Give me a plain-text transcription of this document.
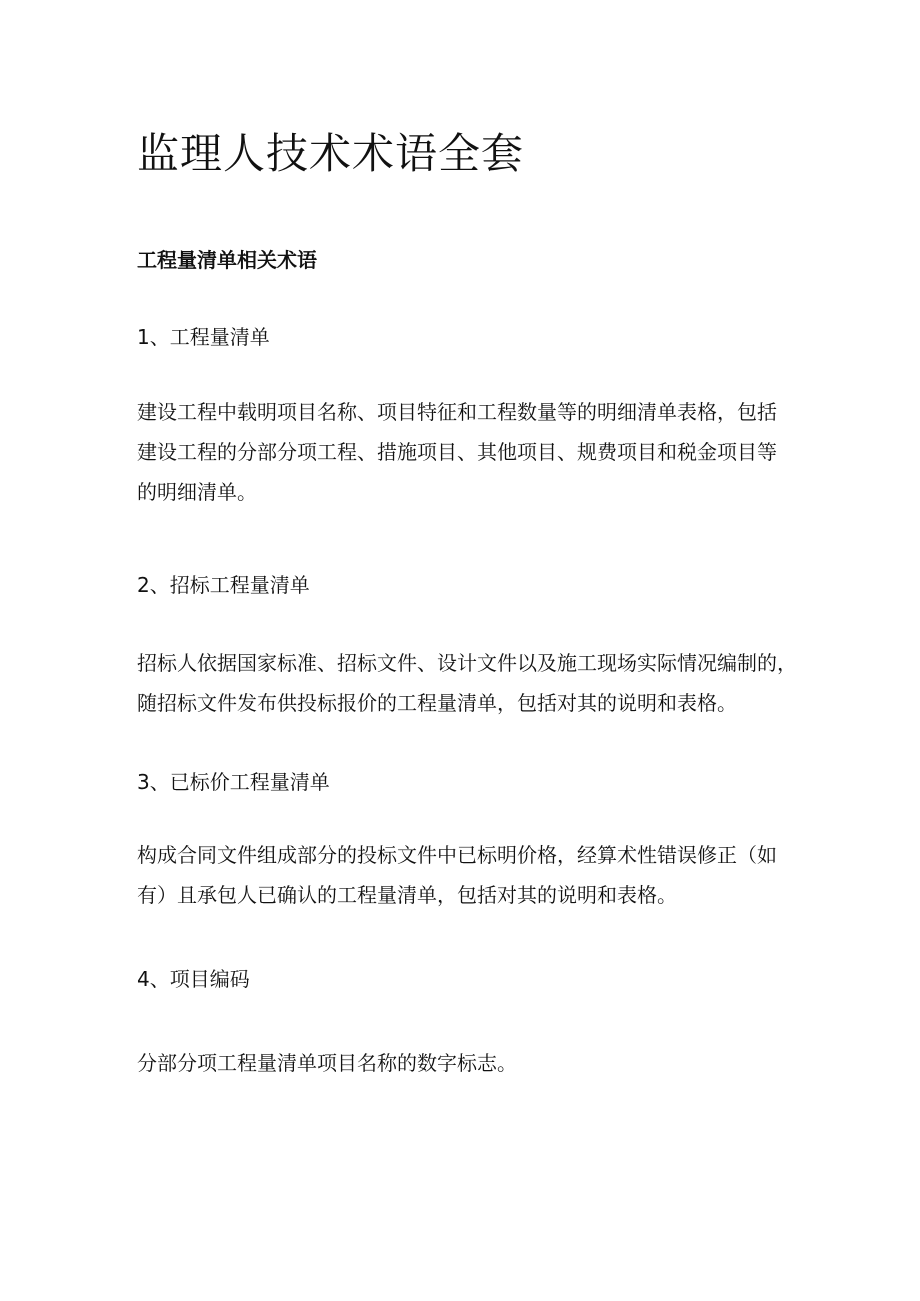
监理人技术术语全套
工程量清单相关术语
1、工程量清单

建设工程中载明项目名称、项目特征和工程数量等的明细清单表格，包括
建设工程的分部分项工程、措施项目、其他项目、规费项目和税金项目等
的明细清单。

2、招标工程量清单

招标人依据国家标准、招标文件、设计文件以及施工现场实际情况编制的，
随招标文件发布供投标报价的工程量清单，包括对其的说明和表格。

3、已标价工程量清单

构成合同文件组成部分的投标文件中已标明价格，经算术性错误修正（如
有）且承包人已确认的工程量清单，包括对其的说明和表格。

4、项目编码

分部分项工程量清单项目名称的数字标志。
